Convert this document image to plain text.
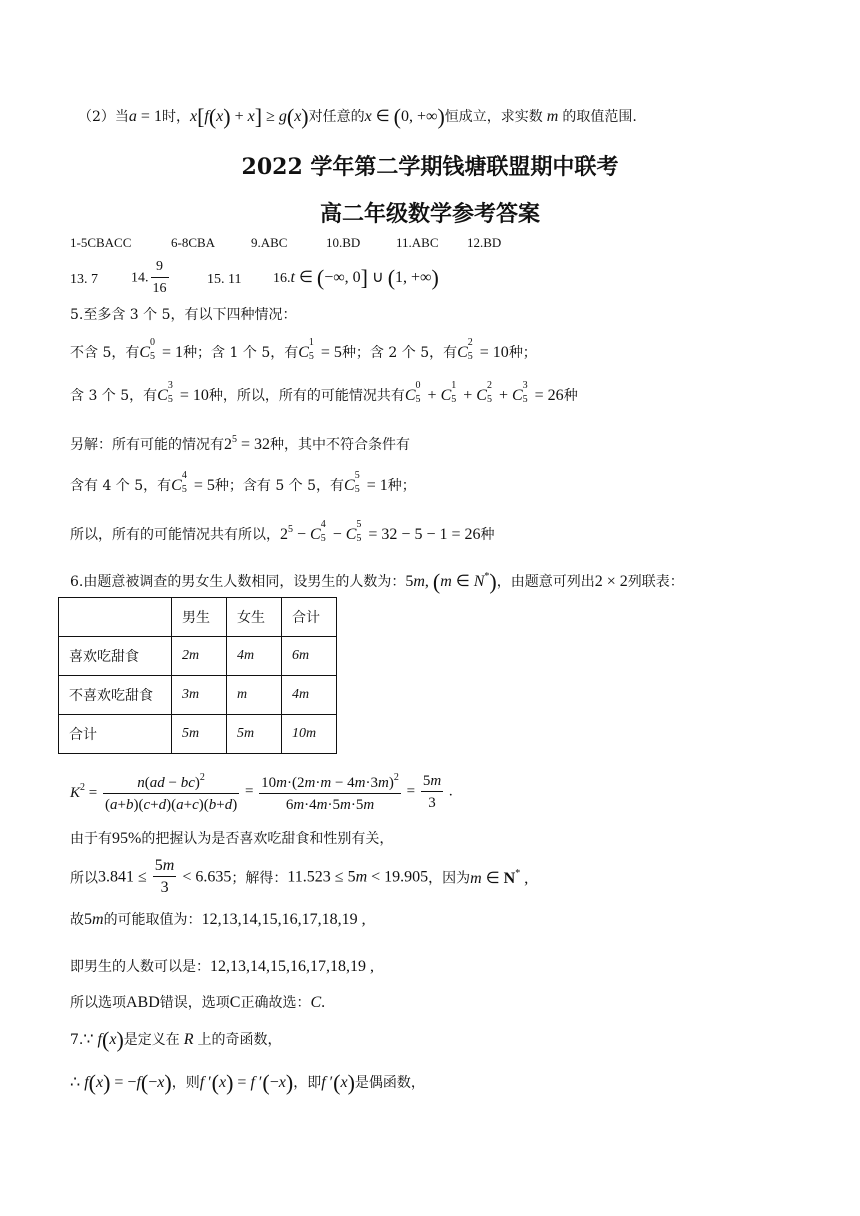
（2）当a = 1时，x[f(x) + x] ≥ g(x)对任意的x ∈ (0, +∞)恒成立，求实数 m 的取值范围.
2022 学年第二学期钱塘联盟期中联考
高二年级数学参考答案
1-5CBACC	6-8CBA	9.ABC	10.BD	11.ABC 12.BD
13. 7 14. $\frac{9}{16}$	15. 11 16.t ∈ (−∞, 0] ∪ (1, +∞)
5.至多含 3 个 5，有以下四种情况：
不含 5，有C
0
5 = 1种；含 1 个 5，有C
1
5 = 5种；含 2 个 5，有C
2
5 = 10种；
含 3 个 5，有C
3
5 = 10种，所以，所有的可能情况共有C
0
5 + C
1
5 + C
2
5 + C
3
5 = 26种
另解：所有可能的情况有$2^5 = 32$种，其中不符合条件有
含有 4 个 5，有C
4
5 = 5种；含有 5 个 5，有C
5
5 = 1种；
所以，所有的可能情况共有所以，$2^5 - C$
4
5 − C
5
5 = 32 − 5 − 1 = 26种
6.由题意被调查的男女生人数相同，设男生的人数为：5m, (m ∈ N*)，由题意可列出2 × 2列联表：
	男生	女生	合计
喜欢吃甜食	2m	4m	6m
不喜欢吃甜食	3m	m	4m
合计	5m	5m	10m
$K^2 = \frac{n(ad - bc)^2}{(a+b)(c+d)(a+c)(b+d)} = \frac{10m\cdot(2m\cdot m - 4m\cdot 3m)^2}{6m\cdot 4m\cdot 5m\cdot 5m} = \frac{5m}{3}$ .
由于有95%的把握认为是否喜欢吃甜食和性别有关，
所以$3.841 \le \frac{5m}{3} < 6.635$；解得：11.523 ≤ 5m < 19.905，因为m ∈ N* ,
故5m的可能取值为：12,13,14,15,16,17,18,19 ,
即男生的人数可以是：12,13,14,15,16,17,18,19 ,
所以选项ABD错误，选项C正确故选：C.
7.∵ f(x)是定义在 R 上的奇函数，
∴ f(x) = −f(−x)，则f ′(x) = f ′(−x)，即f ′(x)是偶函数，
